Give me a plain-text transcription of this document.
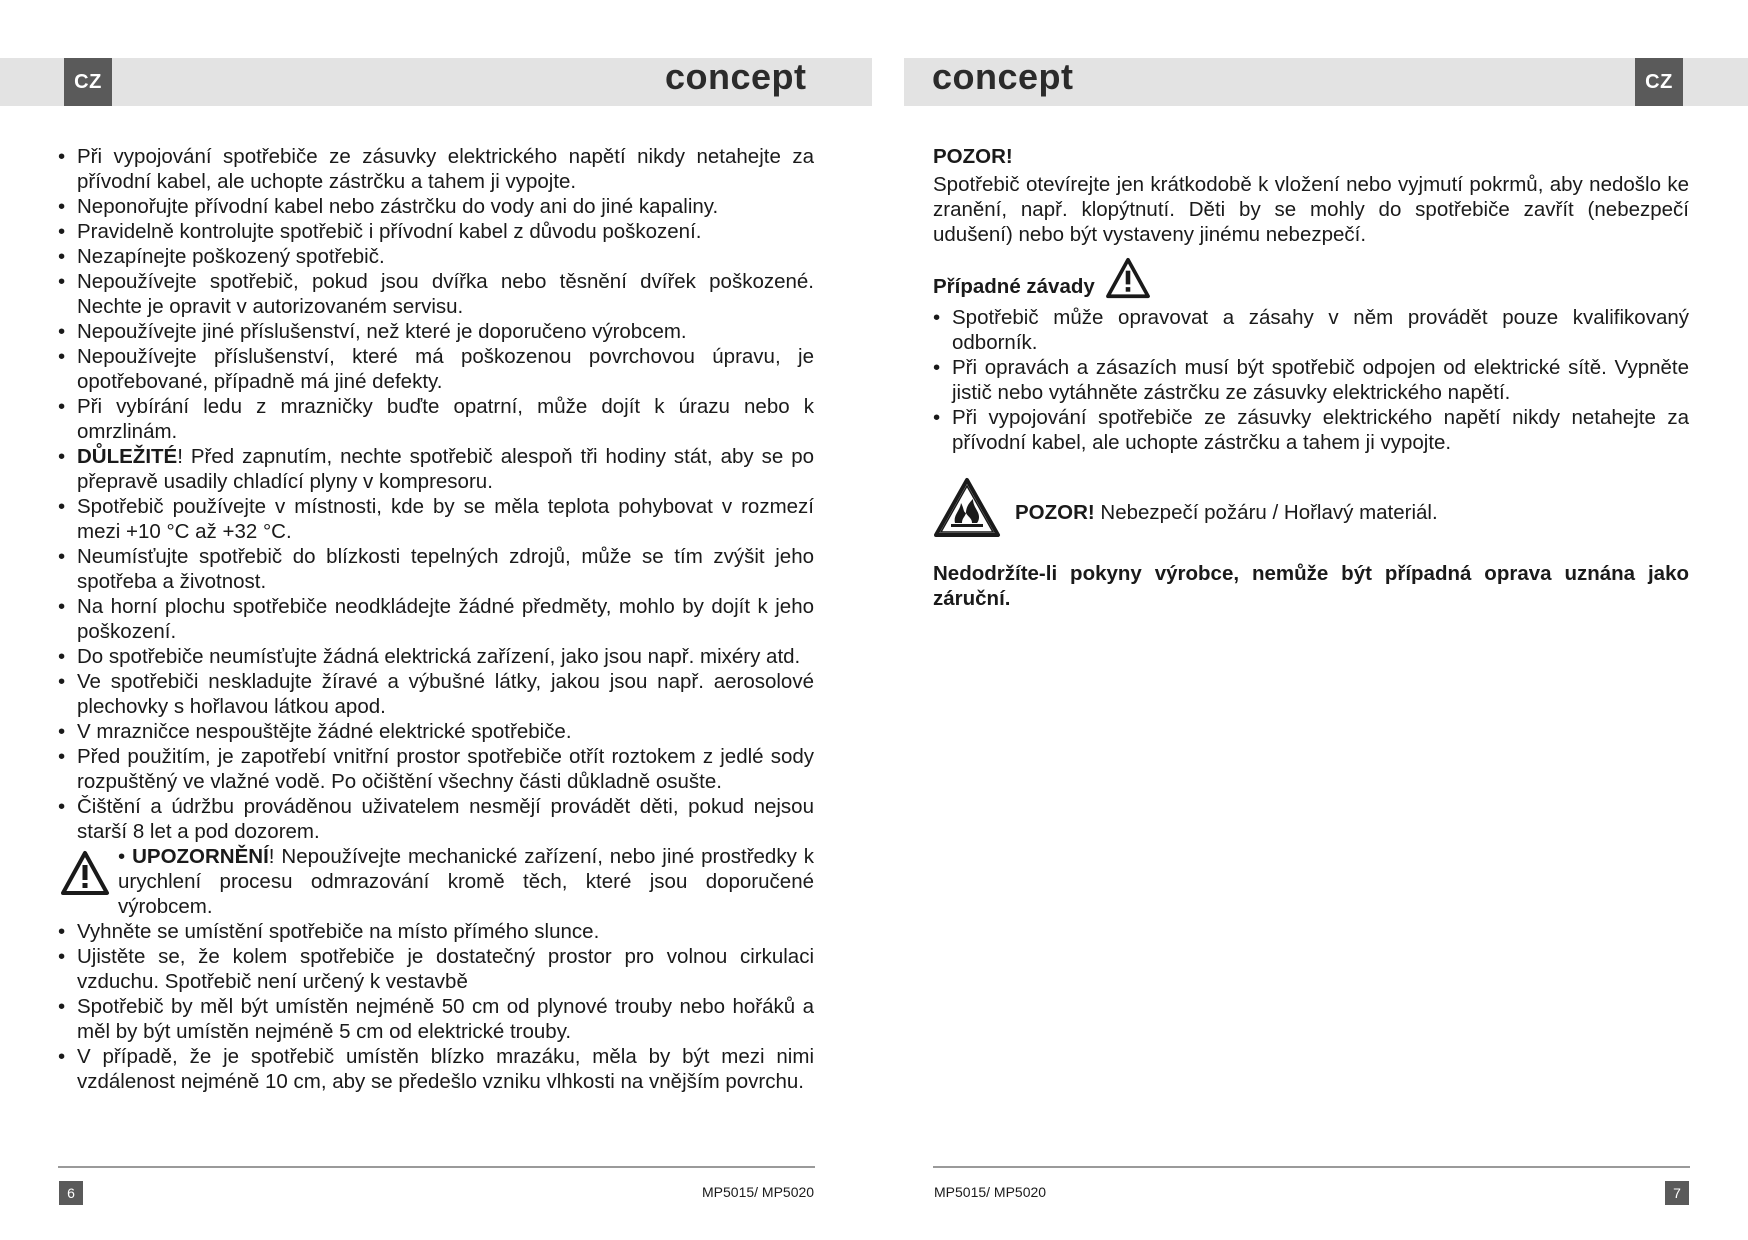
CZ	CZ
concept	concept
• Při vypojování spotřebiče ze zásuvky elektrického napětí nikdy netahejte za přívodní kabel, ale uchopte zástrčku a tahem ji vypojte.
• Neponořujte přívodní kabel nebo zástrčku do vody ani do jiné kapaliny.
• Pravidelně kontrolujte spotřebič i přívodní kabel z důvodu poškození.
• Nezapínejte poškozený spotřebič.
• Nepoužívejte spotřebič, pokud jsou dvířka nebo těsnění dvířek poškozené. Nechte je opravit v autorizovaném servisu.
• Nepoužívejte jiné příslušenství, než které je doporučeno výrobcem.
• Nepoužívejte příslušenství, které má poškozenou povrchovou úpravu, je opotřebované, případně má jiné defekty.
• Při vybírání ledu z mrazničky buďte opatrní, může dojít k úrazu nebo k omrzlinám.
• DŮLEŽITÉ! Před zapnutím, nechte spotřebič alespoň tři hodiny stát, aby se po přepravě usadily chladící plyny v kompresoru.
• Spotřebič používejte v místnosti, kde by se měla teplota pohybovat v rozmezí mezi +10 °C až +32 °C.
• Neumísťujte spotřebič do blízkosti tepelných zdrojů, může se tím zvýšit jeho spotřeba a životnost.
• Na horní plochu spotřebiče neodkládejte žádné předměty, mohlo by dojít k jeho poškození.
• Do spotřebiče neumísťujte žádná elektrická zařízení, jako jsou např. mixéry atd.
• Ve spotřebiči neskladujte žíravé a výbušné látky, jakou jsou např. aerosolové plechovky s hořlavou látkou apod.
• V mrazničce nespouštějte žádné elektrické spotřebiče.
• Před použitím, je zapotřebí vnitřní prostor spotřebiče otřít roztokem z jedlé sody rozpuštěný ve vlažné vodě. Po očištění všechny části důkladně osušte.
• Čištění a údržbu prováděnou uživatelem nesmějí provádět děti, pokud nejsou starší 8 let a pod dozorem.
• UPOZORNĚNÍ! Nepoužívejte mechanické zařízení, nebo jiné prostředky k urychlení procesu odmrazování kromě těch, které jsou doporučené výrobcem.
• Vyhněte se umístění spotřebiče na místo přímého slunce.
• Ujistěte se, že kolem spotřebiče je dostatečný prostor pro volnou cirkulaci vzduchu. Spotřebič není určený k vestavbě
• Spotřebič by měl být umístěn nejméně 50 cm od plynové trouby nebo hořáků a měl by být umístěn nejméně 5 cm od elektrické trouby.
• V případě, že je spotřebič umístěn blízko mrazáku, měla by být mezi nimi vzdálenost nejméně 10 cm, aby se předešlo vzniku vlhkosti na vnějším povrchu.
POZOR!

Spotřebič otevírejte jen krátkodobě k vložení nebo vyjmutí pokrmů, aby nedošlo ke zranění, např. klopýtnutí. Děti by se mohly do spotřebiče zavřít (nebezpečí udušení) nebo být vystaveny jinému nebezpečí.

Případné závady
• Spotřebič může opravovat a zásahy v něm provádět pouze kvalifikovaný odborník.
• Při opravách a zásazích musí být spotřebič odpojen od elektrické sítě. Vypněte jistič nebo vytáhněte zástrčku ze zásuvky elektrického napětí.
• Při vypojování spotřebiče ze zásuvky elektrického napětí nikdy netahejte za přívodní kabel, ale uchopte zástrčku a tahem ji vypojte.
POZOR! Nebezpečí požáru / Hořlavý materiál.

Nedodržíte-li pokyny výrobce, nemůže být případná oprava uznána jako záruční.

6	MP5015/ MP5020	MP5015/ MP5020	7
